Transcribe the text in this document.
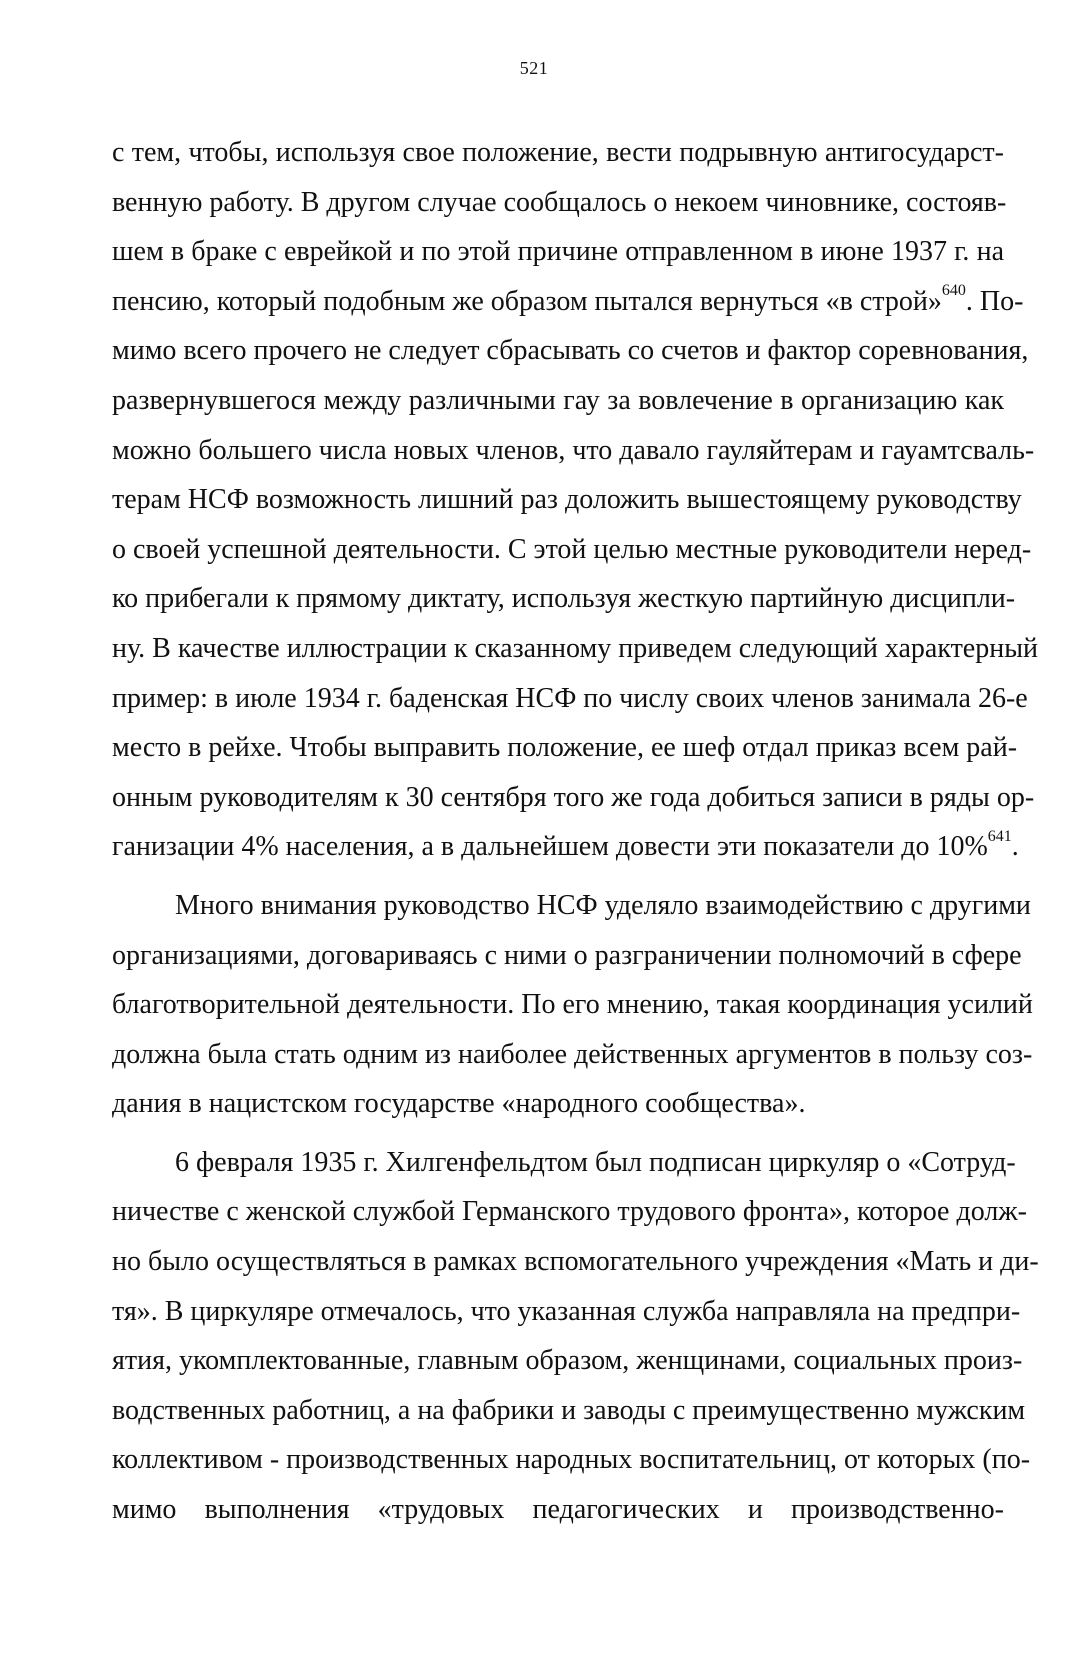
521
с тем, чтобы, используя свое положение, вести подрывную антигосударст-
венную работу. В другом случае сообщалось о некоем чиновнике, состояв-
шем в браке с еврейкой и по этой причине отправленном в июне 1937 г. на
пенсию, который подобным же образом пытался вернуться «в строй»$^{640}$. По-
мимо всего прочего не следует сбрасывать со счетов и фактор соревнования,
развернувшегося между различными гау за вовлечение в организацию как
можно большего числа новых членов, что давало гауляйтерам и гауамтсваль-
терам НСФ возможность лишний раз доложить вышестоящему руководству
о своей успешной деятельности. С этой целью местные руководители неред-
ко прибегали к прямому диктату, используя жесткую партийную дисципли-
ну. В качестве иллюстрации к сказанному приведем следующий характерный
пример: в июле 1934 г. баденская НСФ по числу своих членов занимала 26-е
место в рейхе. Чтобы выправить положение, ее шеф отдал приказ всем рай-
онным руководителям к 30 сентября того же года добиться записи в ряды ор-
ганизации 4% населения, а в дальнейшем довести эти показатели до 10%$^{641}$.
Много внимания руководство НСФ уделяло взаимодействию с другими
организациями, договариваясь с ними о разграничении полномочий в сфере
благотворительной деятельности. По его мнению, такая координация усилий
должна была стать одним из наиболее действенных аргументов в пользу соз-
дания в нацистском государстве «народного сообщества».
6 февраля 1935 г. Хилгенфельдтом был подписан циркуляр о «Сотруд-
ничестве с женской службой Германского трудового фронта», которое долж-
но было осуществляться в рамках вспомогательного учреждения «Мать и ди-
тя». В циркуляре отмечалось, что указанная служба направляла на предпри-
ятия, укомплектованные, главным образом, женщинами, социальных произ-
водственных работниц, а на фабрики и заводы с преимущественно мужским
коллективом - производственных народных воспитательниц, от которых (по-
мимо выполнения «трудовых педагогических и производственно-
